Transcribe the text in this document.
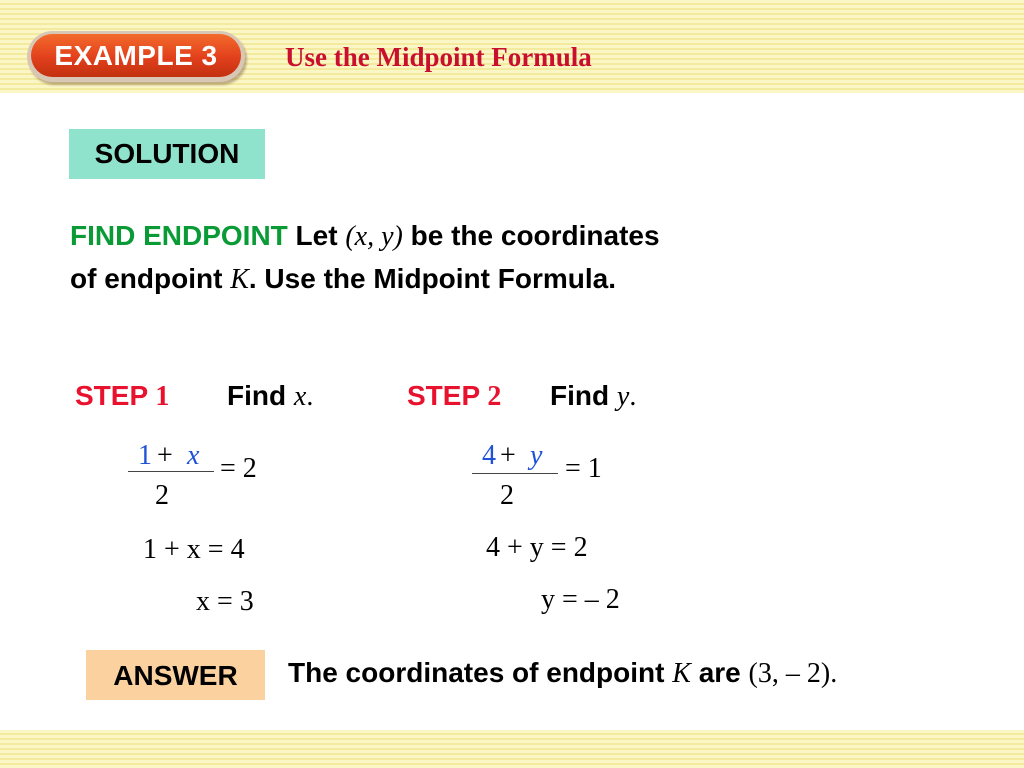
EXAMPLE 3	Use the Midpoint Formula
SOLUTION
FIND ENDPOINT Let (x, y) be the coordinates of endpoint K. Use the Midpoint Formula.
STEP 1 Find x.
1 + x
2
= 2
1 + x = 4
x = 3
STEP 2 Find y.
4 + y
2
= 1
4 + y = 2
y = – 2
ANSWER	The coordinates of endpoint K are (3, – 2).
